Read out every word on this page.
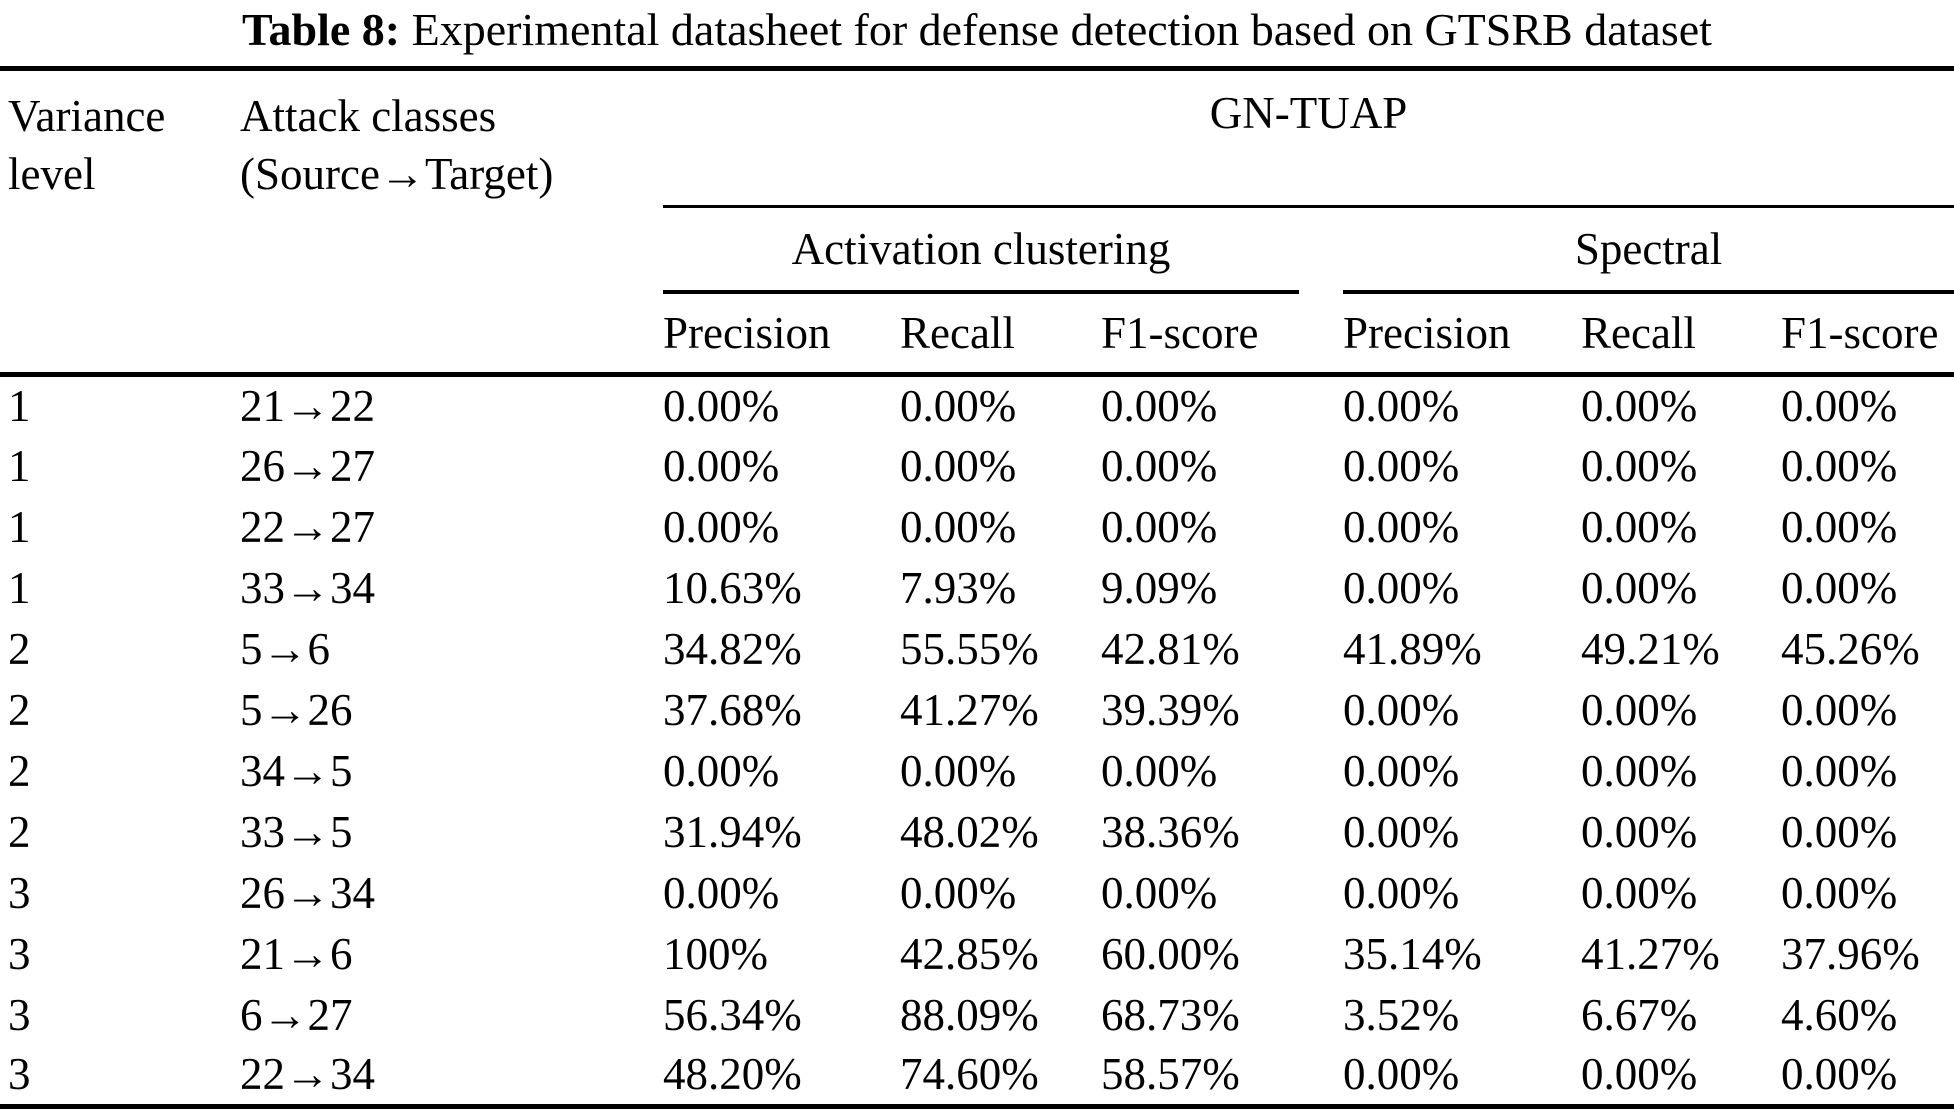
Table 8: Experimental datasheet for defense detection based on GTSRB dataset
Variance level	Attack classes (Source→Target)	GN-TUAP					

		Activation clustering			Spectral		

		Precision	Recall	F1-score	Precision	Recall	F1-score
1	21→22	0.00%	0.00%	0.00%	0.00%	0.00%	0.00%
1	26→27	0.00%	0.00%	0.00%	0.00%	0.00%	0.00%
1	22→27	0.00%	0.00%	0.00%	0.00%	0.00%	0.00%
1	33→34	10.63%	7.93%	9.09%	0.00%	0.00%	0.00%
2	5→6	34.82%	55.55%	42.81%	41.89%	49.21%	45.26%
2	5→26	37.68%	41.27%	39.39%	0.00%	0.00%	0.00%
2	34→5	0.00%	0.00%	0.00%	0.00%	0.00%	0.00%
2	33→5	31.94%	48.02%	38.36%	0.00%	0.00%	0.00%
3	26→34	0.00%	0.00%	0.00%	0.00%	0.00%	0.00%
3	21→6	100%	42.85%	60.00%	35.14%	41.27%	37.96%
3	6→27	56.34%	88.09%	68.73%	3.52%	6.67%	4.60%
3	22→34	48.20%	74.60%	58.57%	0.00%	0.00%	0.00%
